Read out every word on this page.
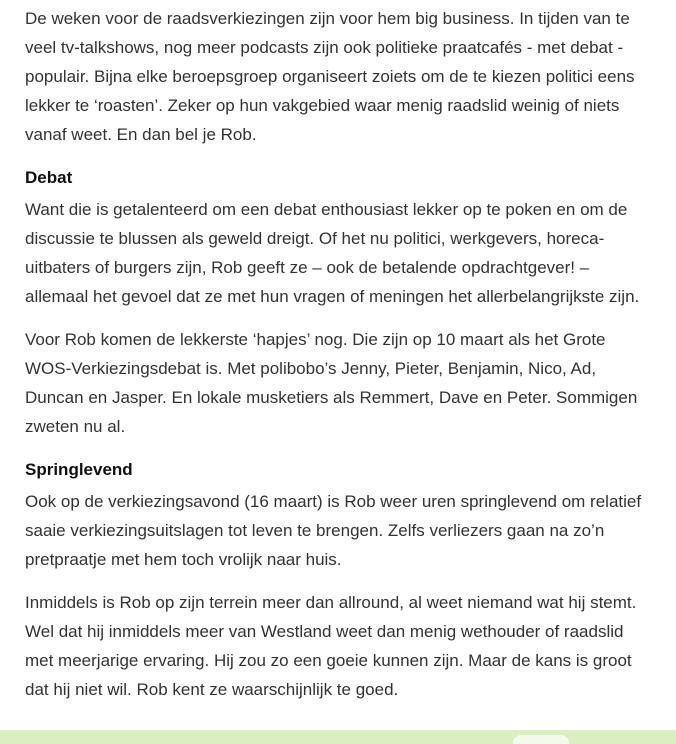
De weken voor de raadsverkiezingen zijn voor hem big business. In tijden van te veel tv-talkshows, nog meer podcasts zijn ook politieke praatcafés - met debat - populair. Bijna elke beroepsgroep organiseert zoiets om de te kiezen politici eens lekker te ‘roasten’. Zeker op hun vakgebied waar menig raadslid weinig of niets vanaf weet. En dan bel je Rob.

Debat

Want die is getalenteerd om een debat enthousiast lekker op te poken en om de discussie te blussen als geweld dreigt. Of het nu politici, werkgevers, horeca-uitbaters of burgers zijn, Rob geeft ze – ook de betalende opdrachtgever! – allemaal het gevoel dat ze met hun vragen of meningen het allerbelangrijkste zijn.

Voor Rob komen de lekkerste ‘hapjes’ nog. Die zijn op 10 maart als het Grote WOS-Verkiezingsdebat is. Met polibobo’s Jenny, Pieter, Benjamin, Nico, Ad, Duncan en Jasper. En lokale musketiers als Remmert, Dave en Peter. Sommigen zweten nu al.

Springlevend

Ook op de verkiezingsavond (16 maart) is Rob weer uren springlevend om relatief saaie verkiezingsuitslagen tot leven te brengen. Zelfs verliezers gaan na zo’n pretpraatje met hem toch vrolijk naar huis.

Inmiddels is Rob op zijn terrein meer dan allround, al weet niemand wat hij stemt. Wel dat hij inmiddels meer van Westland weet dan menig wethouder of raadslid met meerjarige ervaring. Hij zou zo een goeie kunnen zijn. Maar de kans is groot dat hij niet wil. Rob kent ze waarschijnlijk te goed.
